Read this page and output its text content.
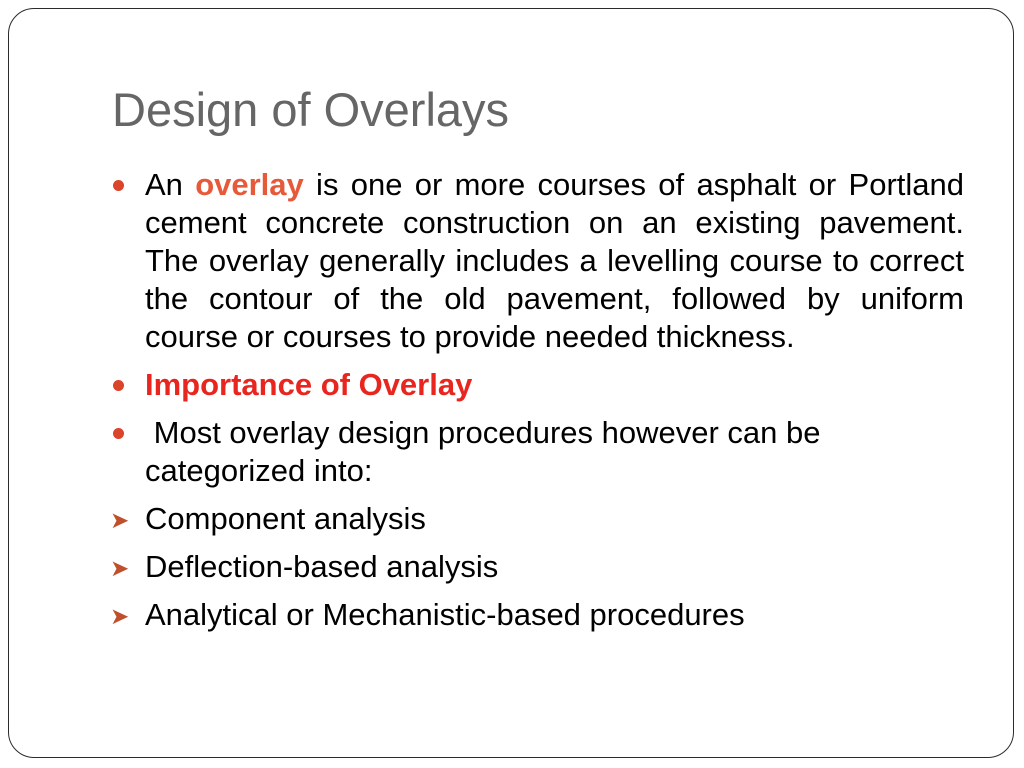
Design of Overlays
An overlay is one or more courses of asphalt or Portland cement concrete construction on an existing pavement. The overlay generally includes a levelling course to correct the contour of the old pavement, followed by uniform course or courses to provide needed thickness.
Importance of Overlay
Most overlay design procedures however can be categorized into:
➤ Component analysis
➤ Deflection-based analysis
➤ Analytical or Mechanistic-based procedures
